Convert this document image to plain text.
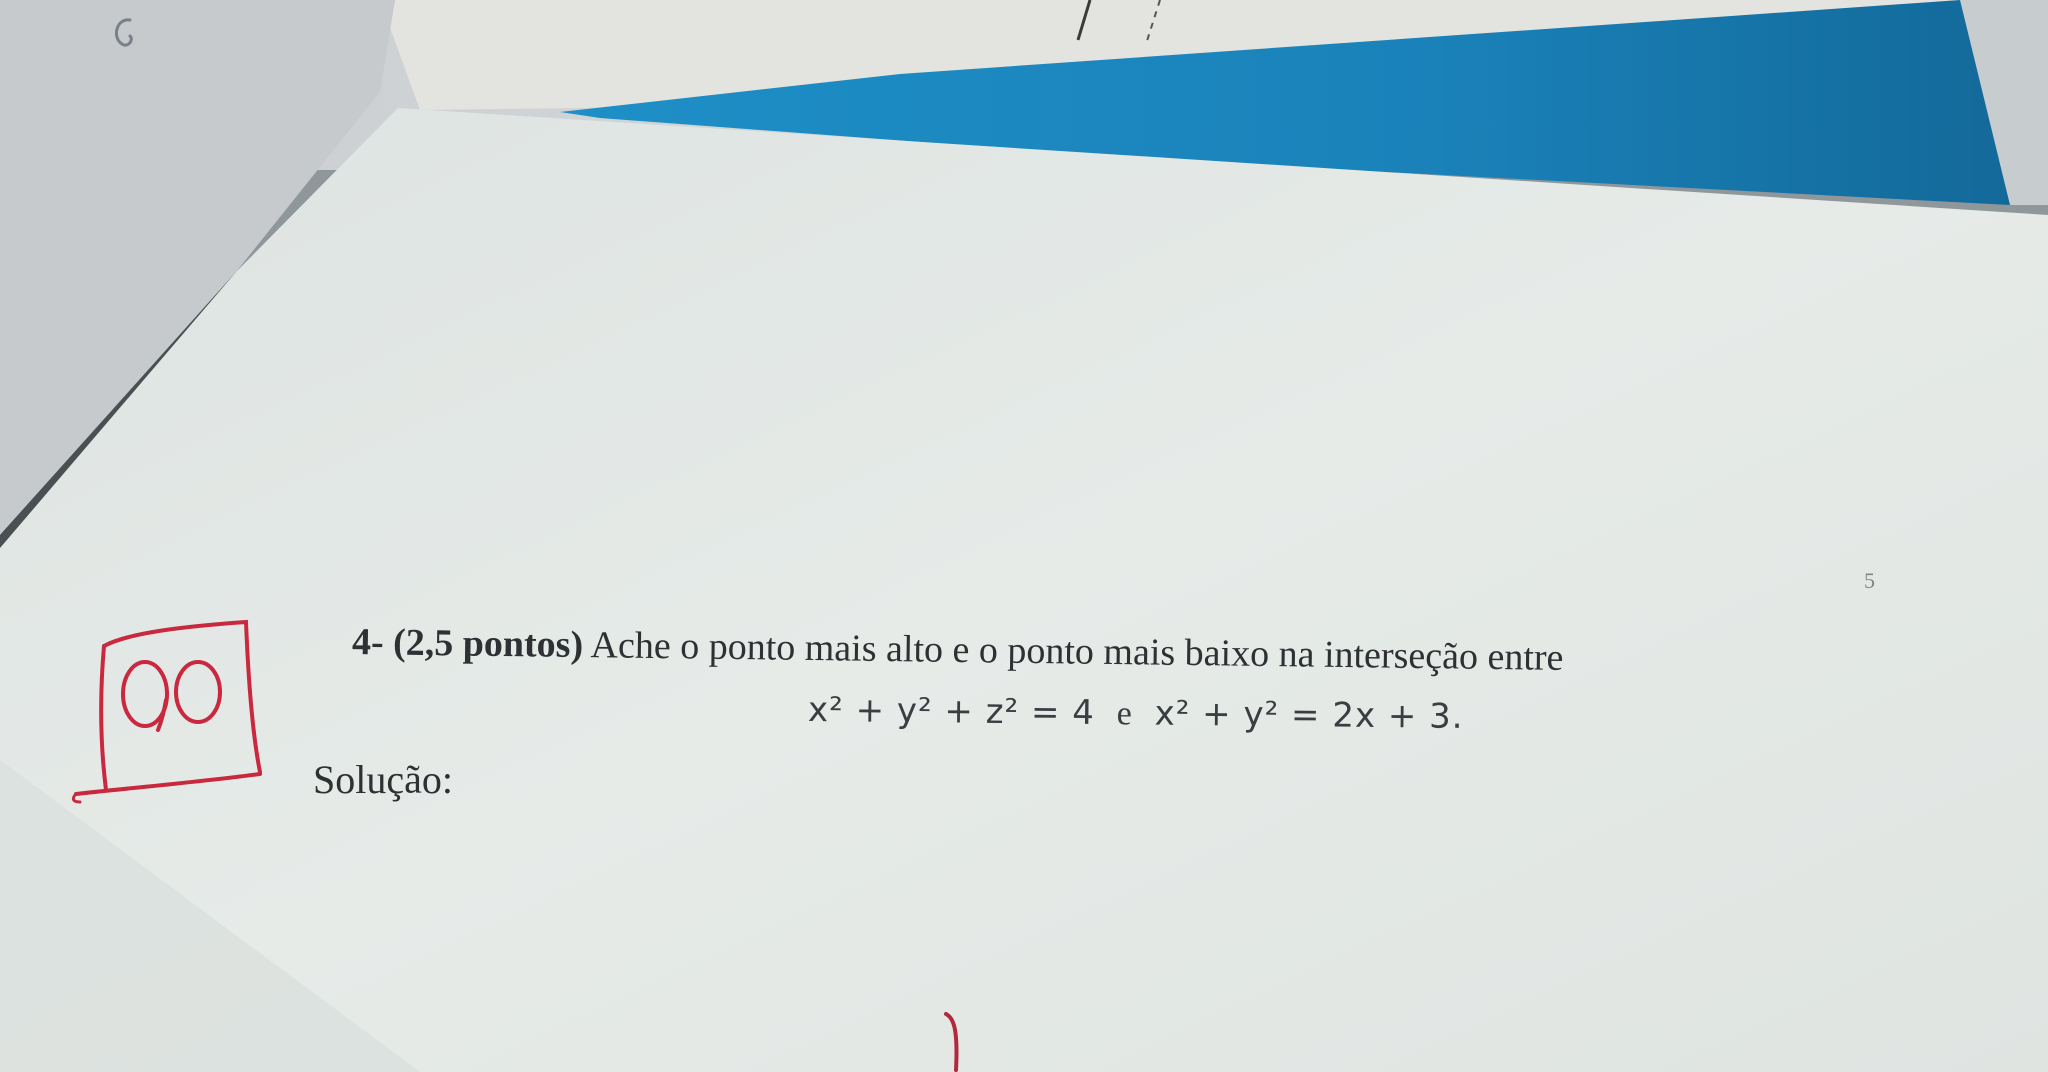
5
4- (2,5 pontos) Ache o ponto mais alto e o ponto mais baixo na interseção entre
x² + y² + z² = 4 e x² + y² = 2x + 3.
Solução:
